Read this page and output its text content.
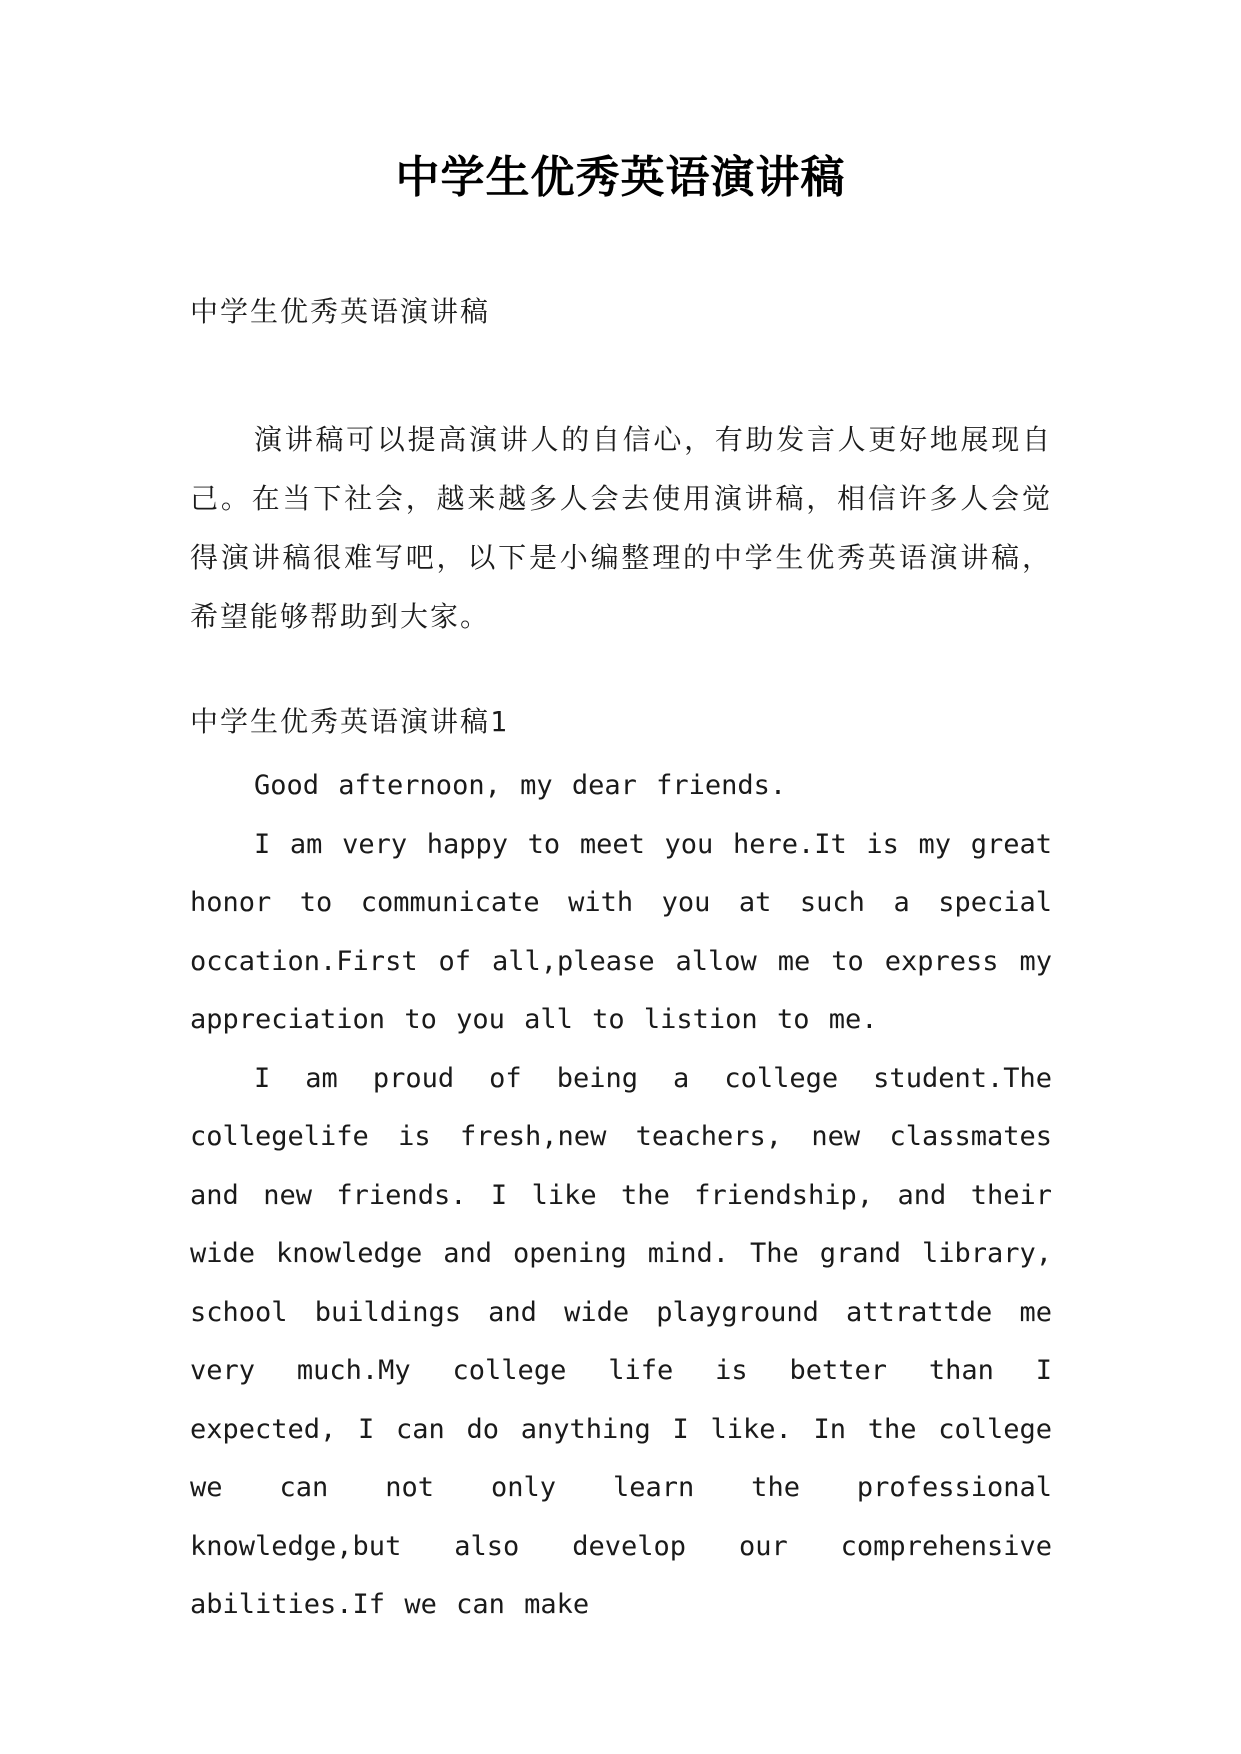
中学生优秀英语演讲稿
中学生优秀英语演讲稿
演讲稿可以提高演讲人的自信心，有助发言人更好地展现自己。在当下社会，越来越多人会去使用演讲稿，相信许多人会觉得演讲稿很难写吧，以下是小编整理的中学生优秀英语演讲稿，希望能够帮助到大家。
中学生优秀英语演讲稿1

Good afternoon, my dear friends.

I am very happy to meet you here.It is my great honor to communicate with you at such a special occation.First of all,please allow me to express my appreciation to you all to listion to me.

I am proud of being a college student.The collegelife is fresh,new teachers, new classmates and new friends. I like the friendship, and their wide knowledge and opening mind. The grand library, school buildings and wide playground attrattde me very much.My college life is better than I expected, I can do anything I like. In the college we can not only learn the professional knowledge,but also develop our comprehensive abilities.If we can make
